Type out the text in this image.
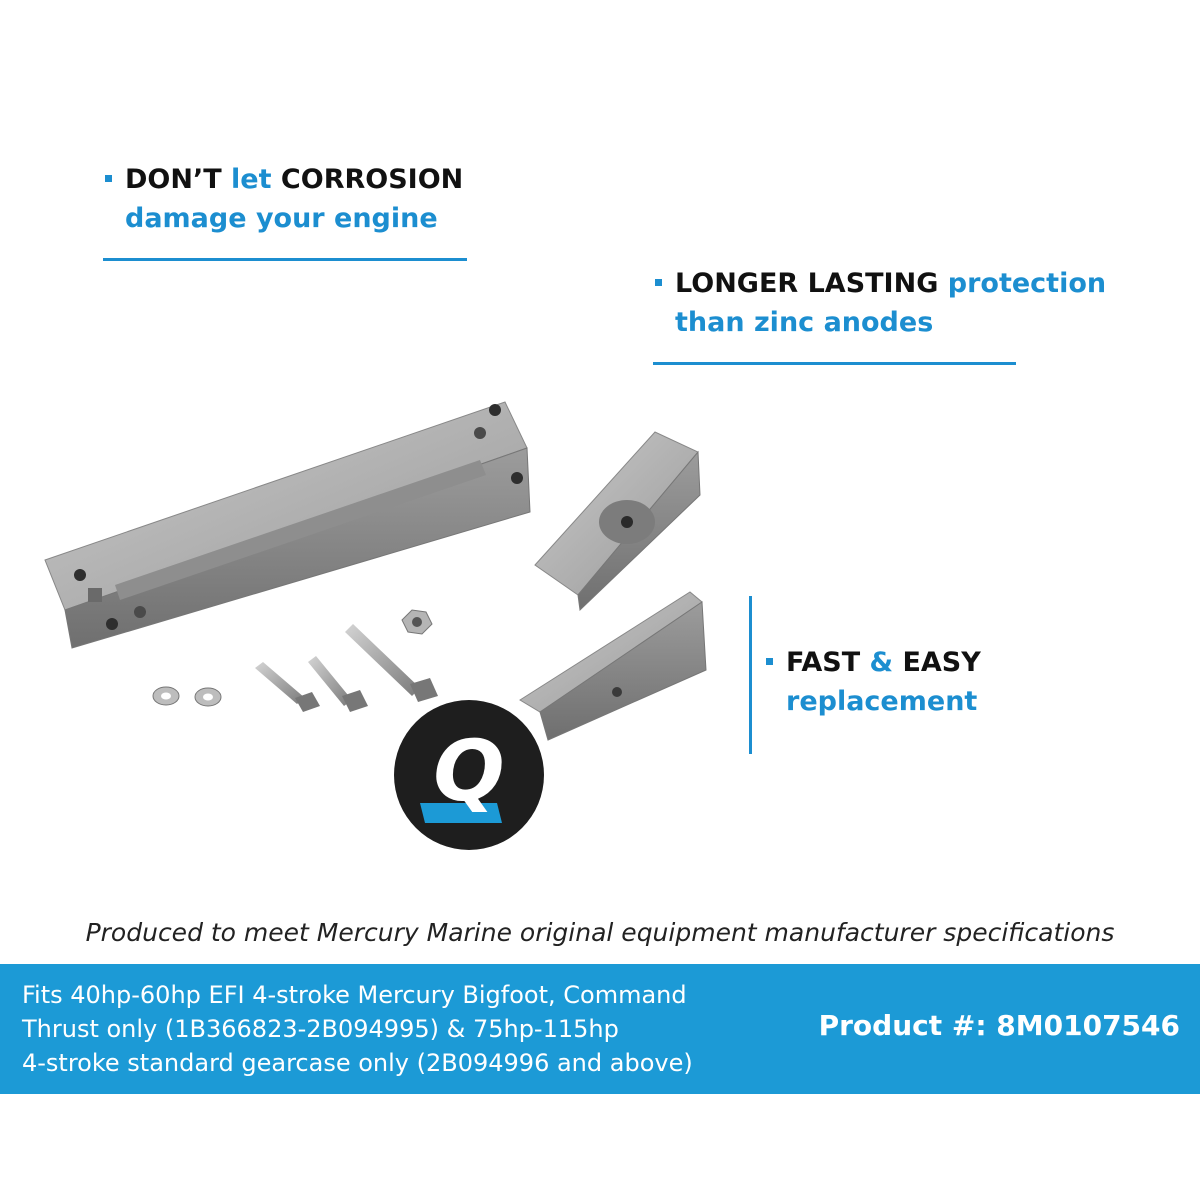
Q
DON’T let CORROSION
damage your engine
LONGER LASTING protection
than zinc anodes
FAST & EASY
replacement
Produced to meet Mercury Marine original equipment manufacturer specifications
Fits 40hp-60hp EFI 4-stroke Mercury Bigfoot, Command
Thrust only (1B366823-2B094995) & 75hp-115hp
4-stroke standard gearcase only (2B094996 and above)
Product #: 8M0107546
